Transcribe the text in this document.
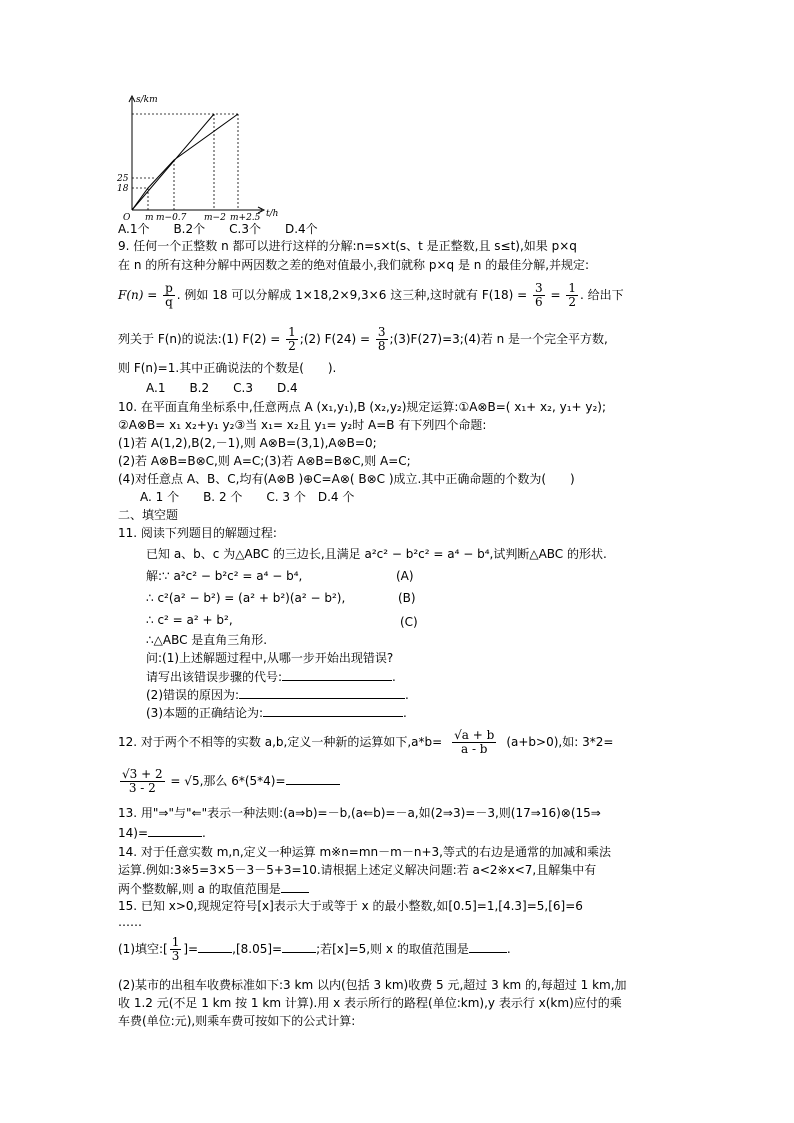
s/km
t/h
O
25
18
m m−0.7 m−2 m+2.5
A.1个　　B.2个　　C.3个　　D.4个
9. 任何一个正整数 n 都可以进行这样的分解:n=s×t(s、t 是正整数,且 s≤t),如果 p×q
在 n 的所有这种分解中两因数之差的绝对值最小,我们就称 p×q 是 n 的最佳分解,并规定:
$F(n) = \frac{p}{q}$ . 例如 18 可以分解成 1×18,2×9,3×6 这三种,这时就有 $F(18) = \frac{3}{6} = \frac{1}{2}$ . 给出下
列关于 F(n)的说法:(1) $F(2) = \frac{1}{2}$ ;(2) $F(24) = \frac{3}{8}$ ;(3)F(27)=3;(4)若 n 是一个完全平方数,
则 F(n)=1.其中正确说法的个数是(　　).
A.1　　B.2　　C.3　　D.4
10. 在平面直角坐标系中,任意两点 A (x₁,y₁),B (x₂,y₂)规定运算:①A⊗B=( x₁+ x₂, y₁+ y₂);
②A⊗B= x₁ x₂+y₁ y₂③当 x₁= x₂且 y₁= y₂时 A=B 有下列四个命题:
(1)若 A(1,2),B(2,－1),则 A⊗B=(3,1),A⊗B=0;
(2)若 A⊗B=B⊗C,则 A=C;(3)若 A⊗B=B⊗C,则 A=C;
(4)对任意点 A、B、C,均有(A⊗B )⊕C=A⊗( B⊗C )成立.其中正确命题的个数为(　　)
A. 1 个　　B. 2 个　　C. 3 个　D.4 个
二、填空题
11. 阅读下列题目的解题过程:
已知 a、b、c 为△ABC 的三边长,且满足 a²c² − b²c² = a⁴ − b⁴,试判断△ABC 的形状.
解:∵ a²c² − b²c² = a⁴ − b⁴,	(A)
∴ c²(a² − b²) = (a² + b²)(a² − b²),	(B)
∴ c² = a² + b²,	(C)
∴△ABC 是直角三角形.
问:(1)上述解题过程中,从哪一步开始出现错误?
请写出该错误步骤的代号:	.
(2)错误的原因为:	.
(3)本题的正确结论为:	.
12. 对于两个不相等的实数 a,b,定义一种新的运算如下$,a*b= \frac{√a + b}{a - b} (a+b>0)$,如: 3*2=
$\frac{√3 + 2}{3 - 2} = √5$,那么 6*(5*4)=
13. 用"⇒"与"⇐"表示一种法则:(a⇒b)=－b,(a⇐b)=－a,如(2⇒3)=－3,则(17⇒16)⊗(15⇒
14)=	.
14. 对于任意实数 m,n,定义一种运算 m※n=mn－m－n+3,等式的右边是通常的加减和乘法
运算.例如:3※5=3×5－3－5+3=10.请根据上述定义解决问题:若 a<2※x<7,且解集中有
两个整数解,则 a 的取值范围是
15. 已知 x>0,现规定符号[x]表示大于或等于 x 的最小整数,如[0.5]=1,[4.3]=5,[6]=6
……
(1)填空:[ $\frac{1}{3}$ ]=	,[8.05]=	;若[x]=5,则 x 的取值范围是	.
(2)某市的出租车收费标准如下:3 km 以内(包括 3 km)收费 5 元,超过 3 km 的,每超过 1 km,加
收 1.2 元(不足 1 km 按 1 km 计算).用 x 表示所行的路程(单位:km),y 表示行 x(km)应付的乘
车费(单位:元),则乘车费可按如下的公式计算:
